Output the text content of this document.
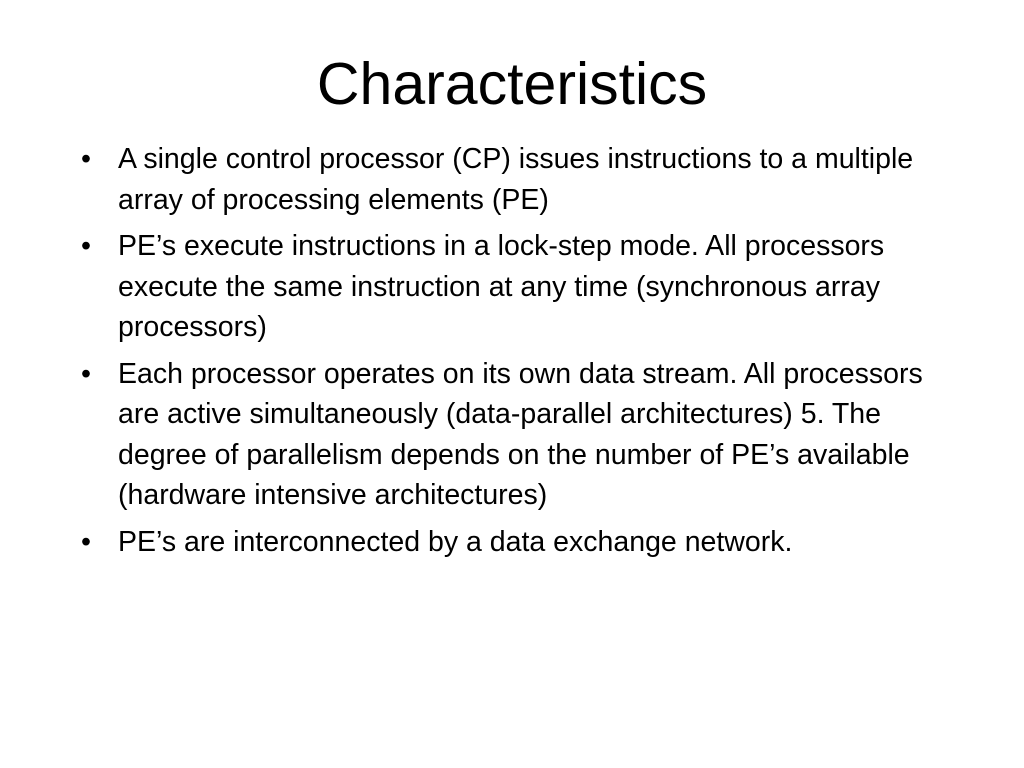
Characteristics
• A single control processor (CP) issues instructions to a multiple array of processing elements (PE)
• PE’s execute instructions in a lock-step mode. All processors execute the same instruction at any time (synchronous array processors)
• Each processor operates on its own data stream. All processors are active simultaneously (data-parallel architectures) 5. The degree of parallelism depends on the number of PE’s available (hardware intensive architectures)
• PE’s are interconnected by a data exchange network.
